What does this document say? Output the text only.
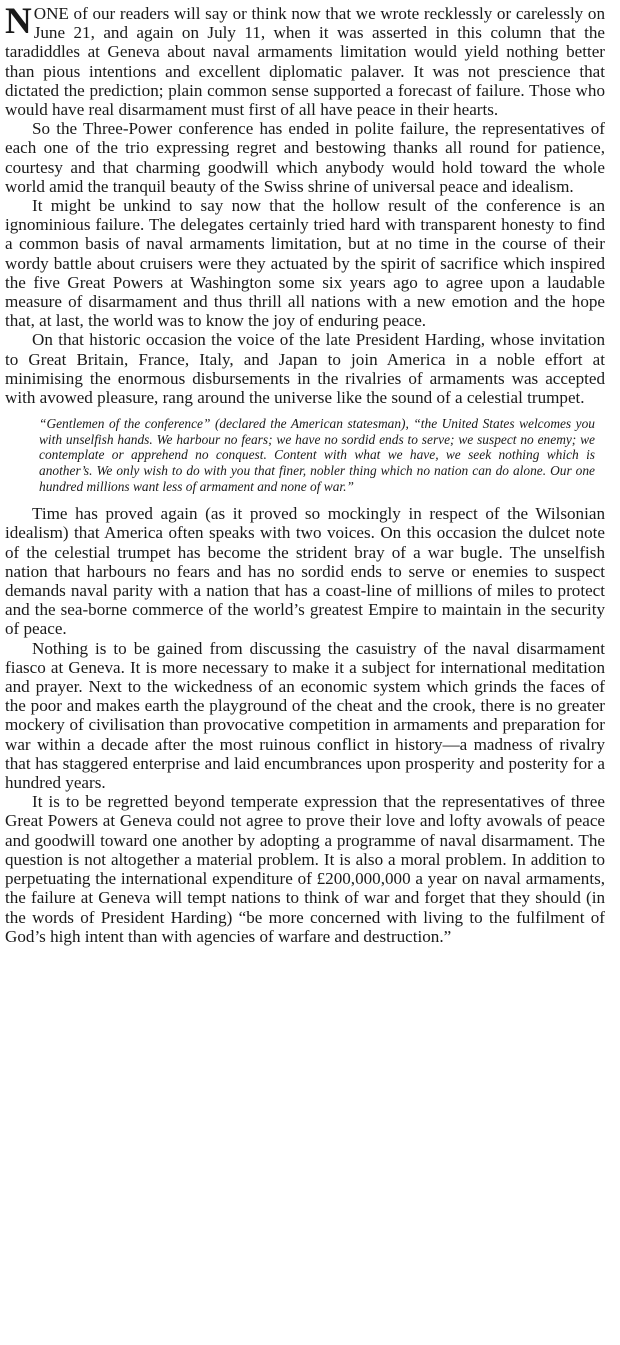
NONE of our readers will say or think now that we wrote recklessly or carelessly on June 21, and again on July 11, when it was asserted in this column that the taradiddles at Geneva about naval armaments limitation would yield nothing better than pious intentions and excellent diplomatic palaver. It was not prescience that dictated the prediction; plain common sense supported a forecast of failure. Those who would have real disarmament must first of all have peace in their hearts.

So the Three-Power conference has ended in polite failure, the representatives of each one of the trio expressing regret and bestowing thanks all round for patience, courtesy and that charming goodwill which anybody would hold toward the whole world amid the tranquil beauty of the Swiss shrine of universal peace and idealism.

It might be unkind to say now that the hollow result of the conference is an ignominious failure. The delegates certainly tried hard with transparent honesty to find a common basis of naval armaments limitation, but at no time in the course of their wordy battle about cruisers were they actuated by the spirit of sacrifice which inspired the five Great Powers at Washington some six years ago to agree upon a laudable measure of disarmament and thus thrill all nations with a new emotion and the hope that, at last, the world was to know the joy of enduring peace.

On that historic occasion the voice of the late President Harding, whose invitation to Great Britain, France, Italy, and Japan to join America in a noble effort at minimising the enormous disbursements in the rivalries of armaments was accepted with avowed pleasure, rang around the universe like the sound of a celestial trumpet.

“Gentlemen of the conference” (declared the American statesman), “the United States welcomes you with unselfish hands. We harbour no fears; we have no sordid ends to serve; we suspect no enemy; we contemplate or apprehend no conquest. Content with what we have, we seek nothing which is another’s. We only wish to do with you that finer, nobler thing which no nation can do alone. Our one hundred millions want less of armament and none of war.”

Time has proved again (as it proved so mockingly in respect of the Wilsonian idealism) that America often speaks with two voices. On this occasion the dulcet note of the celestial trumpet has become the strident bray of a war bugle. The unselfish nation that harbours no fears and has no sordid ends to serve or enemies to suspect demands naval parity with a nation that has a coast-line of millions of miles to protect and the sea-borne commerce of the world’s greatest Empire to maintain in the security of peace.

Nothing is to be gained from discussing the casuistry of the naval disarmament fiasco at Geneva. It is more necessary to make it a subject for international meditation and prayer. Next to the wickedness of an economic system which grinds the faces of the poor and makes earth the playground of the cheat and the crook, there is no greater mockery of civilisation than provocative competition in armaments and preparation for war within a decade after the most ruinous conflict in history—a madness of rivalry that has staggered enterprise and laid encumbrances upon prosperity and posterity for a hundred years.

It is to be regretted beyond temperate expression that the representatives of three Great Powers at Geneva could not agree to prove their love and lofty avowals of peace and goodwill toward one another by adopting a programme of naval disarmament. The question is not altogether a material problem. It is also a moral problem. In addition to perpetuating the international expenditure of £200,000,000 a year on naval armaments, the failure at Geneva will tempt nations to think of war and forget that they should (in the words of President Harding) “be more concerned with living to the fulfilment of God’s high intent than with agencies of warfare and destruction.”
